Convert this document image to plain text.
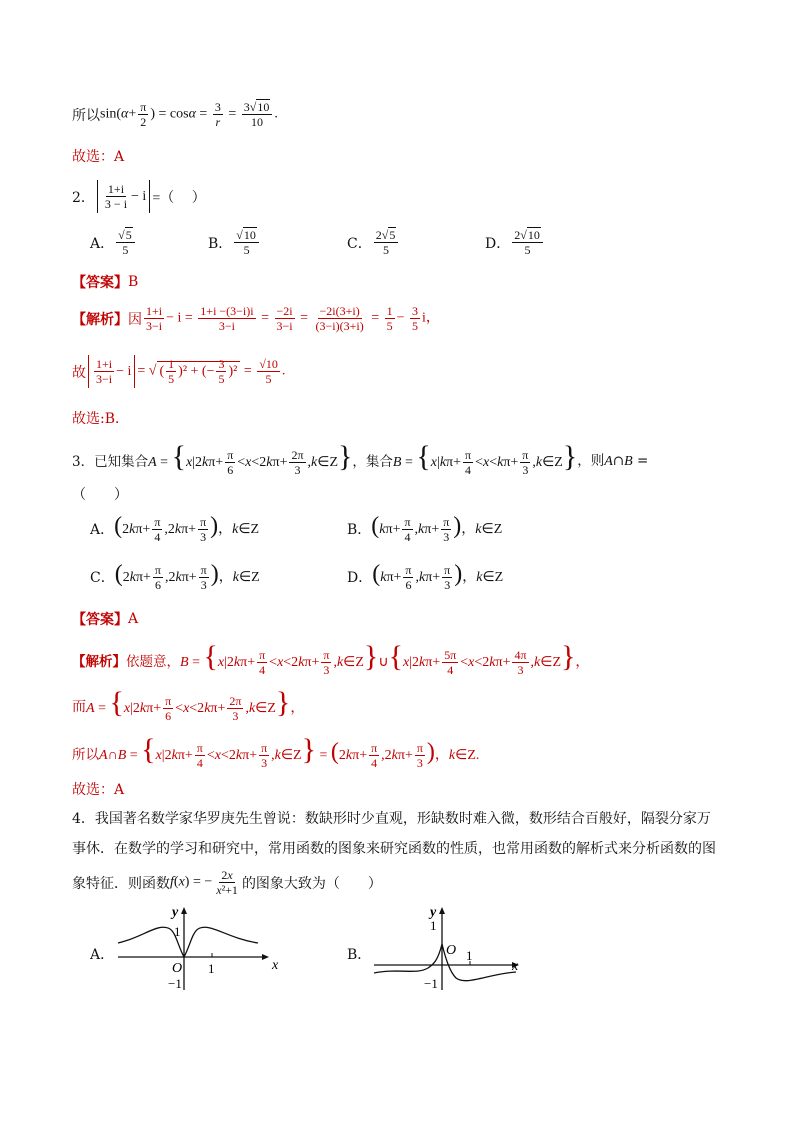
所以 $\sin(\alpha+ \frac{\pi}{2}$ ) = $\cos\alpha = \frac{3}{r} = \frac{3√10}{10}$ .
故选：A
2． $\frac{1+i}{3 - i} - i$ =（　 ）
A． $\frac{√5}{5}$	B． $\frac{√10}{5}$	C． $\frac{2√5}{5}$	D． $\frac{2√10}{5}$
【答案】 B
【解析】 因 $\frac{1+i}{3-i} - i = \frac{1+i -(3-i)i}{3-i} = \frac{-2i}{3-i} = \frac{-2i(3+i)}{(3-i)(3+i)} = \frac{1}{5} - \frac{3}{5}$ i，
故 $\frac{1+i}{3-i} - i$ = √ ( $\frac{1}{5} )^2$ + (− $\frac{3}{5} )^2 = \frac{√10}{5}$ .
故选:B．
3． 已知集合 $A = \{x|2k\pi+ \frac{\pi}{6} <x<2k\pi+ \frac{2\pi}{3}$ ,k∈Z} ，集合 $B = \{x|k\pi+ \frac{\pi}{4} <x<k\pi+ \frac{\pi}{3}$ ,k∈Z} ，则A∩B =
（　　）
A． ($2k\pi+ \frac{\pi}{4} ,2k\pi+ \frac{\pi}{3}$ )，k∈Z	B． ($k\pi+ \frac{\pi}{4} ,k\pi+ \frac{\pi}{3}$ )，k∈Z
C． ($2k\pi+ \frac{\pi}{6} ,2k\pi+ \frac{\pi}{3}$ )，k∈Z	D． ($k\pi+ \frac{\pi}{6} ,k\pi+ \frac{\pi}{3}$ )，k∈Z
【答案】 A
【解析】 依题意， $B = \{x|2k\pi+ \frac{\pi}{4} <x<2k\pi+ \frac{\pi}{3}$ ,k∈Z}∪{x|2kπ+ $\frac{5\pi}{4} <x<2k\pi+ \frac{4\pi}{3}$ ,k∈Z}，
而 $A = \{x|2k\pi+ \frac{\pi}{6} <x<2k\pi+ \frac{2\pi}{3}$ ,k∈Z}，
所以 A∩B = {$x|2k\pi+ \frac{\pi}{4} <x<2k\pi+ \frac{\pi}{3}$ ,k∈Z} = ($2k\pi+ \frac{\pi}{4} ,2k\pi+ \frac{\pi}{3}$ )，k∈Z.
故选：A
4． 我国著名数学家华罗庚先生曾说：数缺形时少直观，形缺数时难入微，数形结合百般好，隔裂分家万
事休．在数学的学习和研究中，常用函数的图象来研究函数的性质，也常用函数的解析式来分析函数的图
象特征．则函数 f(x) = − $\frac{2x}{\text{x²+1}}$ 的图象大致为（　　）
A．
y
x
O 1
1
−1
B．
y
x
O 1
1
−1
